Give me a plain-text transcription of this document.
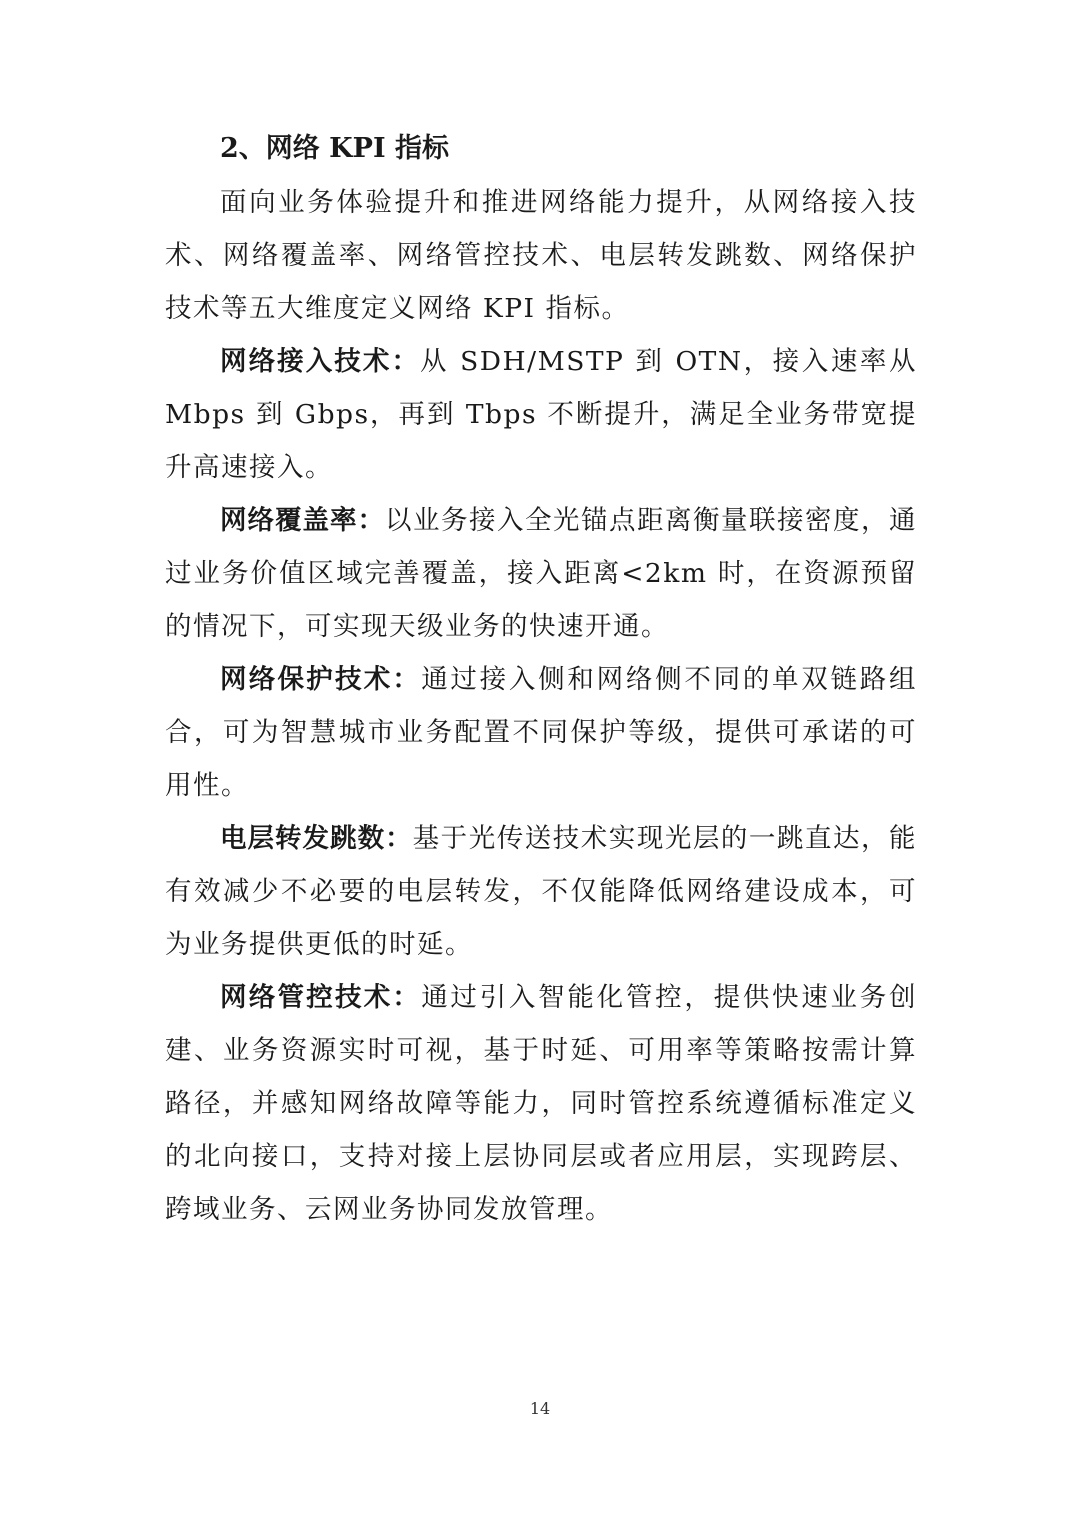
2、网络 KPI 指标

面向业务体验提升和推进网络能力提升，从网络接入技术、网络覆盖率、网络管控技术、电层转发跳数、网络保护技术等五大维度定义网络 KPI 指标。

网络接入技术：从 SDH/MSTP 到 OTN，接入速率从 Mbps 到 Gbps，再到 Tbps 不断提升，满足全业务带宽提升高速接入。

网络覆盖率：以业务接入全光锚点距离衡量联接密度，通过业务价值区域完善覆盖，接入距离<2km 时，在资源预留的情况下，可实现天级业务的快速开通。

网络保护技术：通过接入侧和网络侧不同的单双链路组合，可为智慧城市业务配置不同保护等级，提供可承诺的可用性。

电层转发跳数：基于光传送技术实现光层的一跳直达，能有效减少不必要的电层转发，不仅能降低网络建设成本，可为业务提供更低的时延。

网络管控技术：通过引入智能化管控，提供快速业务创建、业务资源实时可视，基于时延、可用率等策略按需计算路径，并感知网络故障等能力，同时管控系统遵循标准定义的北向接口，支持对接上层协同层或者应用层，实现跨层、跨域业务、云网业务协同发放管理。

14
